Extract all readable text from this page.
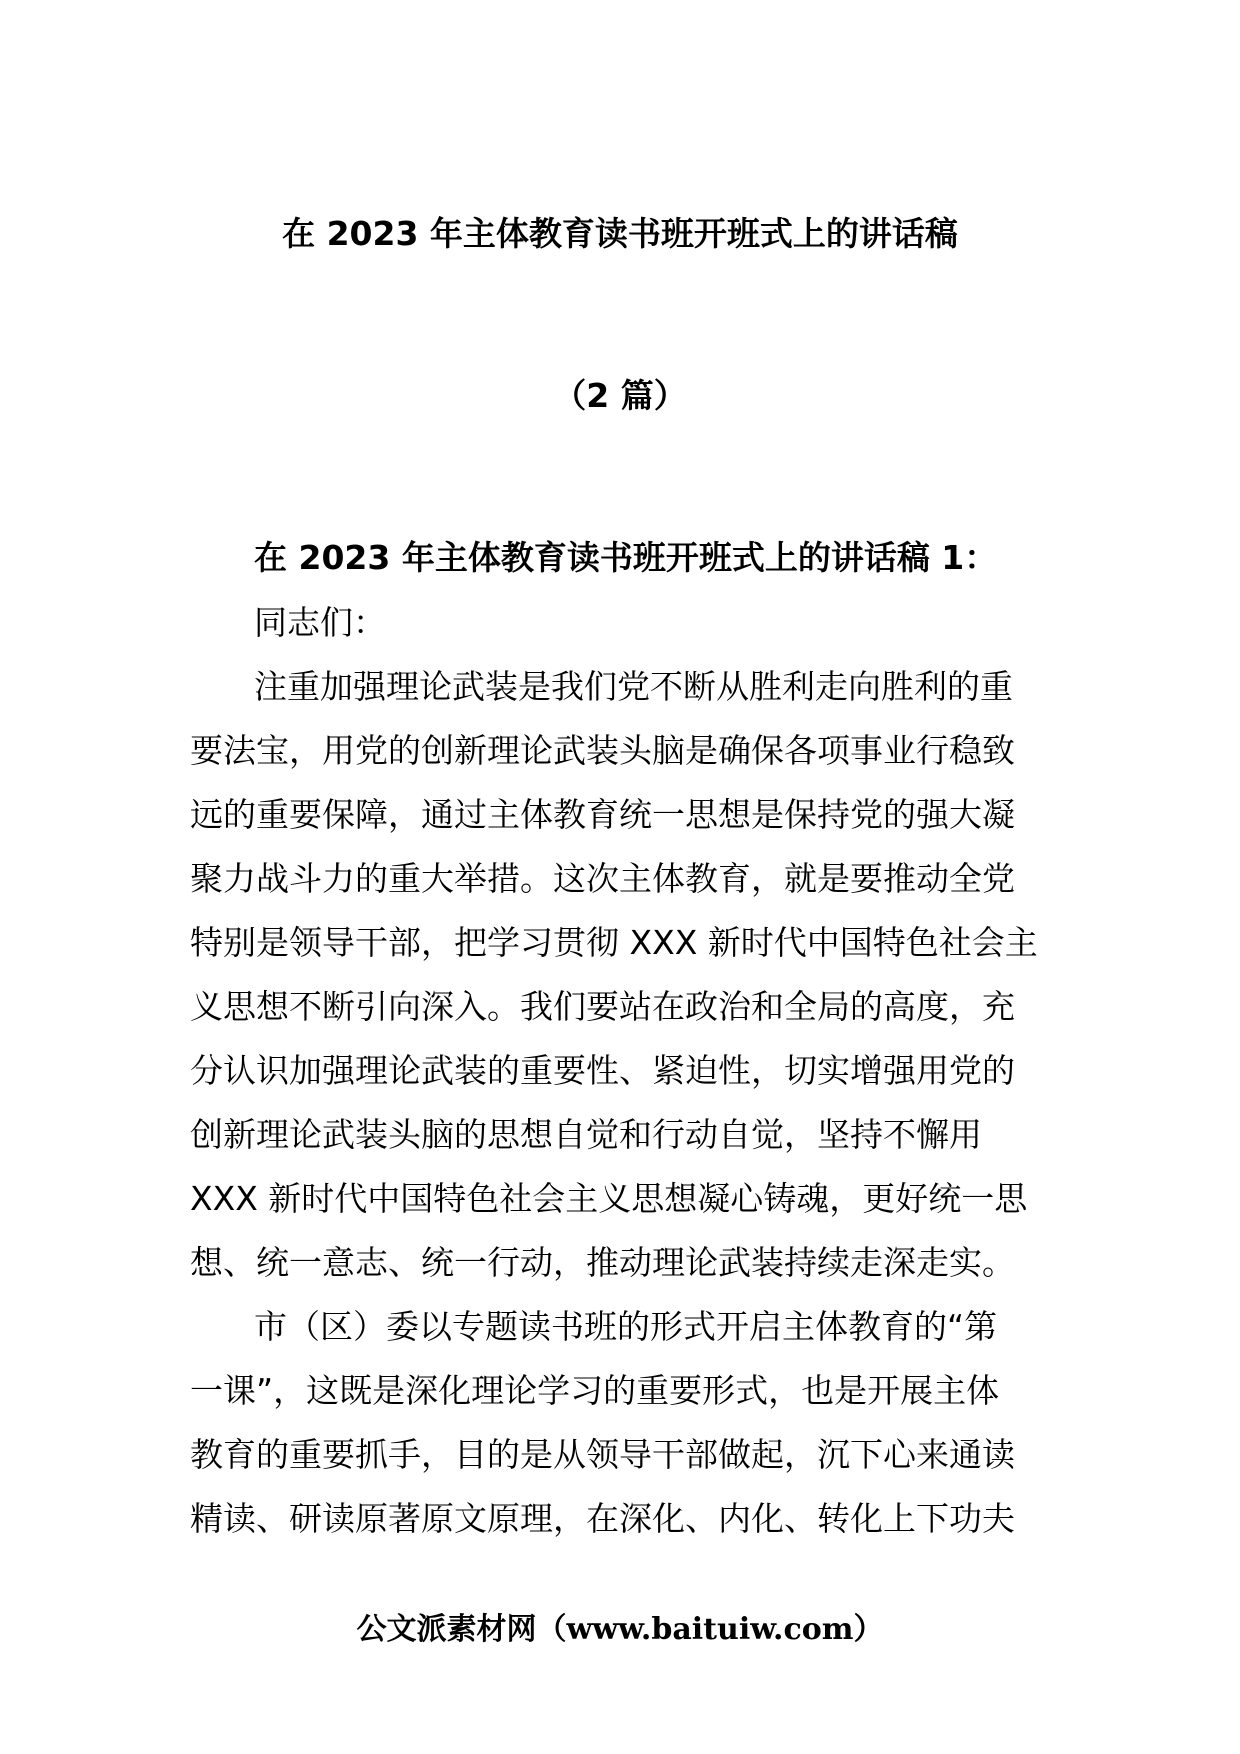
在 2023 年主体教育读书班开班式上的讲话稿
（2 篇）
在 2023 年主体教育读书班开班式上的讲话稿 1：
同志们：
注重加强理论武装是我们党不断从胜利走向胜利的重
要法宝，用党的创新理论武装头脑是确保各项事业行稳致
远的重要保障，通过主体教育统一思想是保持党的强大凝
聚力战斗力的重大举措。这次主体教育，就是要推动全党
特别是领导干部，把学习贯彻 XXX 新时代中国特色社会主
义思想不断引向深入。我们要站在政治和全局的高度，充
分认识加强理论武装的重要性、紧迫性，切实增强用党的
创新理论武装头脑的思想自觉和行动自觉，坚持不懈用
XXX 新时代中国特色社会主义思想凝心铸魂，更好统一思
想、统一意志、统一行动，推动理论武装持续走深走实。
市（区）委以专题读书班的形式开启主体教育的“第
一课”，这既是深化理论学习的重要形式，也是开展主体
教育的重要抓手，目的是从领导干部做起，沉下心来通读
精读、研读原著原文原理，在深化、内化、转化上下功夫
公文派素材网（www.baituiw.com）
